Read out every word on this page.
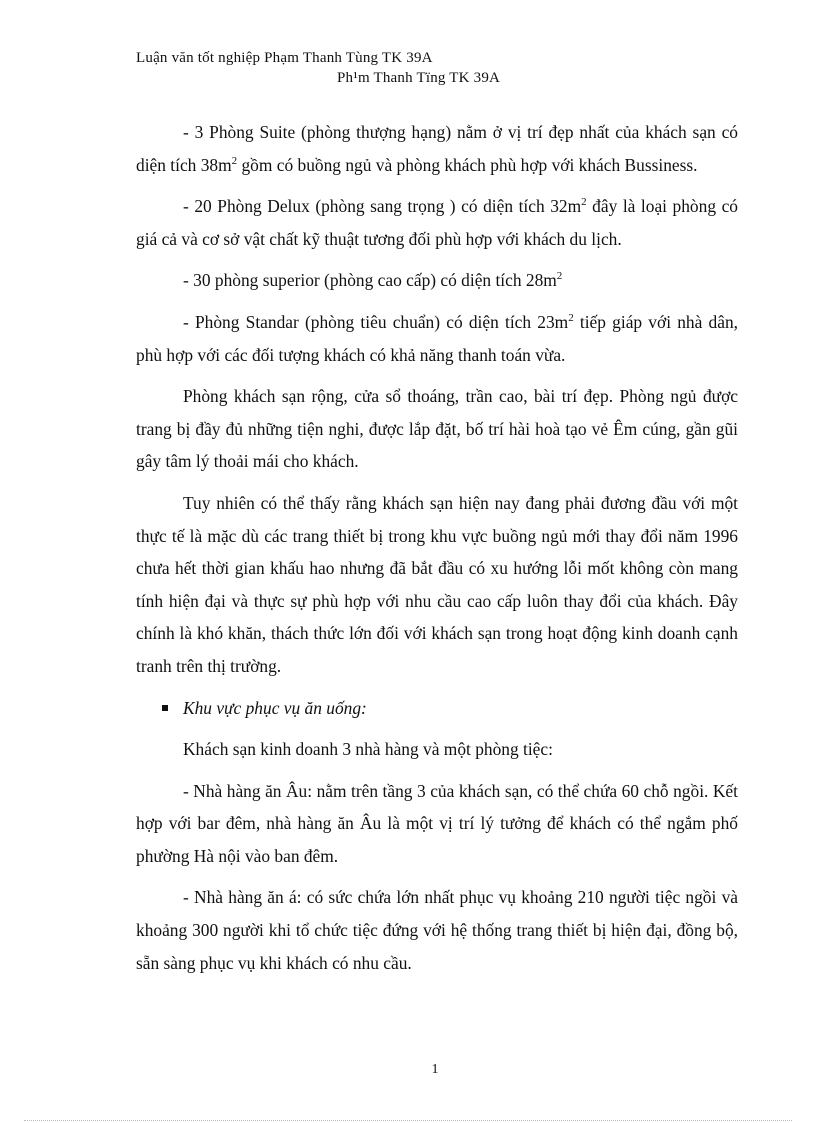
Luận văn tốt nghiệp Phạm Thanh Tùng TK 39A
Ph¹m Thanh Tïng TK 39A

- 3 Phòng Suite (phòng thượng hạng) nằm ở vị trí đẹp nhất của khách sạn có diện tích $38m^2$ gồm có buồng ngủ và phòng khách phù hợp với khách Bussiness.

- 20 Phòng Delux (phòng sang trọng ) có diện tích $32m^2$ đây là loại phòng có giá cả và cơ sở vật chất kỹ thuật tương đối phù hợp với khách du lịch.

- 30 phòng superior (phòng cao cấp) có diện tích $28m^2$

- Phòng Standar (phòng tiêu chuẩn) có diện tích $23m^2$ tiếp giáp với nhà dân, phù hợp với các đối tượng khách có khả năng thanh toán vừa.

Phòng khách sạn rộng, cửa sổ thoáng, trần cao, bài trí đẹp. Phòng ngủ được trang bị đầy đủ những tiện nghi, được lắp đặt, bố trí hài hoà tạo vẻ Êm cúng, gần gũi gây tâm lý thoải mái cho khách.

Tuy nhiên có thể thấy rằng khách sạn hiện nay đang phải đương đầu với một thực tế là mặc dù các trang thiết bị trong khu vực buồng ngủ mới thay đổi năm 1996 chưa hết thời gian khấu hao nhưng đã bắt đầu có xu hướng lỗi mốt không còn mang tính hiện đại và thực sự phù hợp với nhu cầu cao cấp luôn thay đổi của khách. Đây chính là khó khăn, thách thức lớn đối với khách sạn trong hoạt động kinh doanh cạnh tranh trên thị trường.

Khu vực phục vụ ăn uống:

Khách sạn kinh doanh 3 nhà hàng và một phòng tiệc:

- Nhà hàng ăn Âu: nằm trên tầng 3 của khách sạn, có thể chứa 60 chỗ ngồi. Kết hợp với bar đêm, nhà hàng ăn Âu là một vị trí lý tưởng để khách có thể ngắm phố phường Hà nội vào ban đêm.

- Nhà hàng ăn á: có sức chứa lớn nhất phục vụ khoảng 210 người tiệc ngồi và khoảng 300 người khi tổ chức tiệc đứng với hệ thống trang thiết bị hiện đại, đồng bộ, sẵn sàng phục vụ khi khách có nhu cầu.

1
